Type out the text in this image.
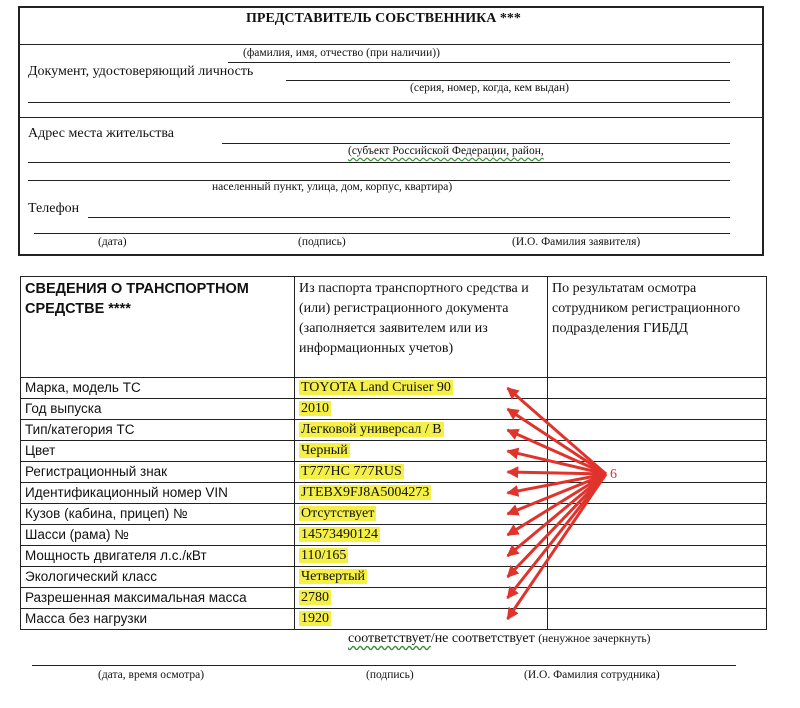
ПРЕДСТАВИТЕЛЬ СОБСТВЕННИКА ***
(фамилия, имя, отчество (при наличии))
Документ, удостоверяющий личность
(серия, номер, когда, кем выдан)
Адрес места жительства
(субъект Российской Федерации, район,
населенный пункт, улица, дом, корпус, квартира)
Телефон
(дата)	(подпись)	(И.О. Фамилия заявителя)
СВЕДЕНИЯ О ТРАНСПОРТНОМ СРЕДСТВЕ ****	Из паспорта транспортного средства и (или) регистрационного документа (заполняется заявителем или из информационных учетов)	По результатам осмотра сотрудником регистрационного подразделения ГИБДД
Марка, модель ТС	TOYOTA Land Cruiser 90	
Год выпуска	2010	
Тип/категория ТС	Легковой универсал / В	
Цвет	Черный	
Регистрационный знак	Т777НС 777RUS	
Идентификационный номер VIN	JTEBX9FJ8A5004273	
Кузов (кабина, прицеп) №	Отсутствует	
Шасси (рама) №	14573490124	
Мощность двигателя л.с./кВт	110/165	
Экологический класс	Четвертый	
Разрешенная максимальная масса	2780	
Масса без нагрузки	1920	
6
соответствует/не соответствует (ненужное зачеркнуть)
(дата, время осмотра)	(подпись)	(И.О. Фамилия сотрудника)
